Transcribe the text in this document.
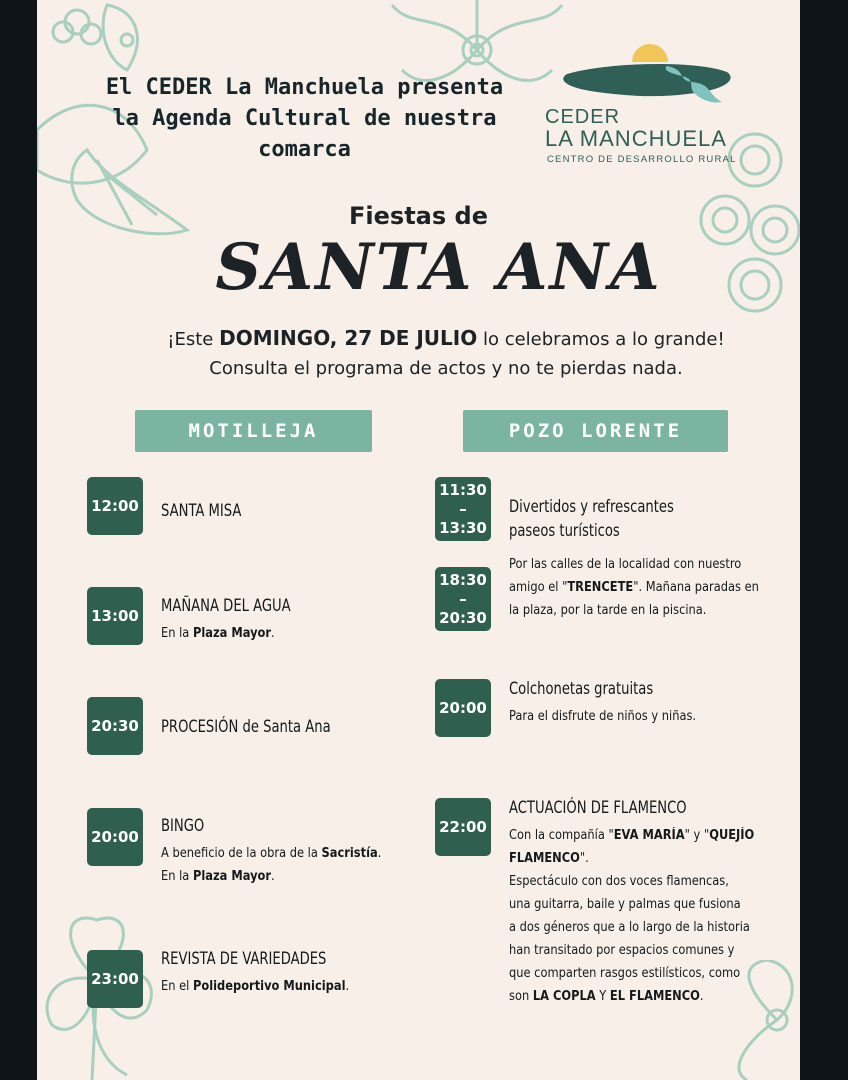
El CEDER La Manchuela presenta
la Agenda Cultural de nuestra
comarca
CEDER
LA MANCHUELA
CENTRO DE DESARROLLO RURAL
Fiestas de
SANTA ANA
¡Este DOMINGO, 27 DE JULIO lo celebramos a lo grande!
Consulta el programa de actos y no te pierdas nada.
MOTILLEJA	POZO LORENTE
12:00 SANTA MISA
13:00 MAÑANA DEL AGUA
En la Plaza Mayor.
20:30 PROCESIÓN de Santa Ana
20:00
BINGO
A beneficio de la obra de la Sacristía.
En la Plaza Mayor.
23:00
REVISTA DE VARIEDADES
En el Polideportivo Municipal.
11:30
–
13:30
18:30
–
20:30
Divertidos y refrescantes
paseos turísticos
Por las calles de la localidad con nuestro
amigo el "TRENCETE". Mañana paradas en
la plaza, por la tarde en la piscina.
20:00
Colchonetas gratuitas
Para el disfrute de niños y niñas.
22:00
ACTUACIÓN DE FLAMENCO
Con la compañía "EVA MARÍA" y "QUEJÍO
FLAMENCO".
Espectáculo con dos voces flamencas,
una guitarra, baile y palmas que fusiona
a dos géneros que a lo largo de la historia
han transitado por espacios comunes y
que comparten rasgos estilísticos, como
son LA COPLA Y EL FLAMENCO.
